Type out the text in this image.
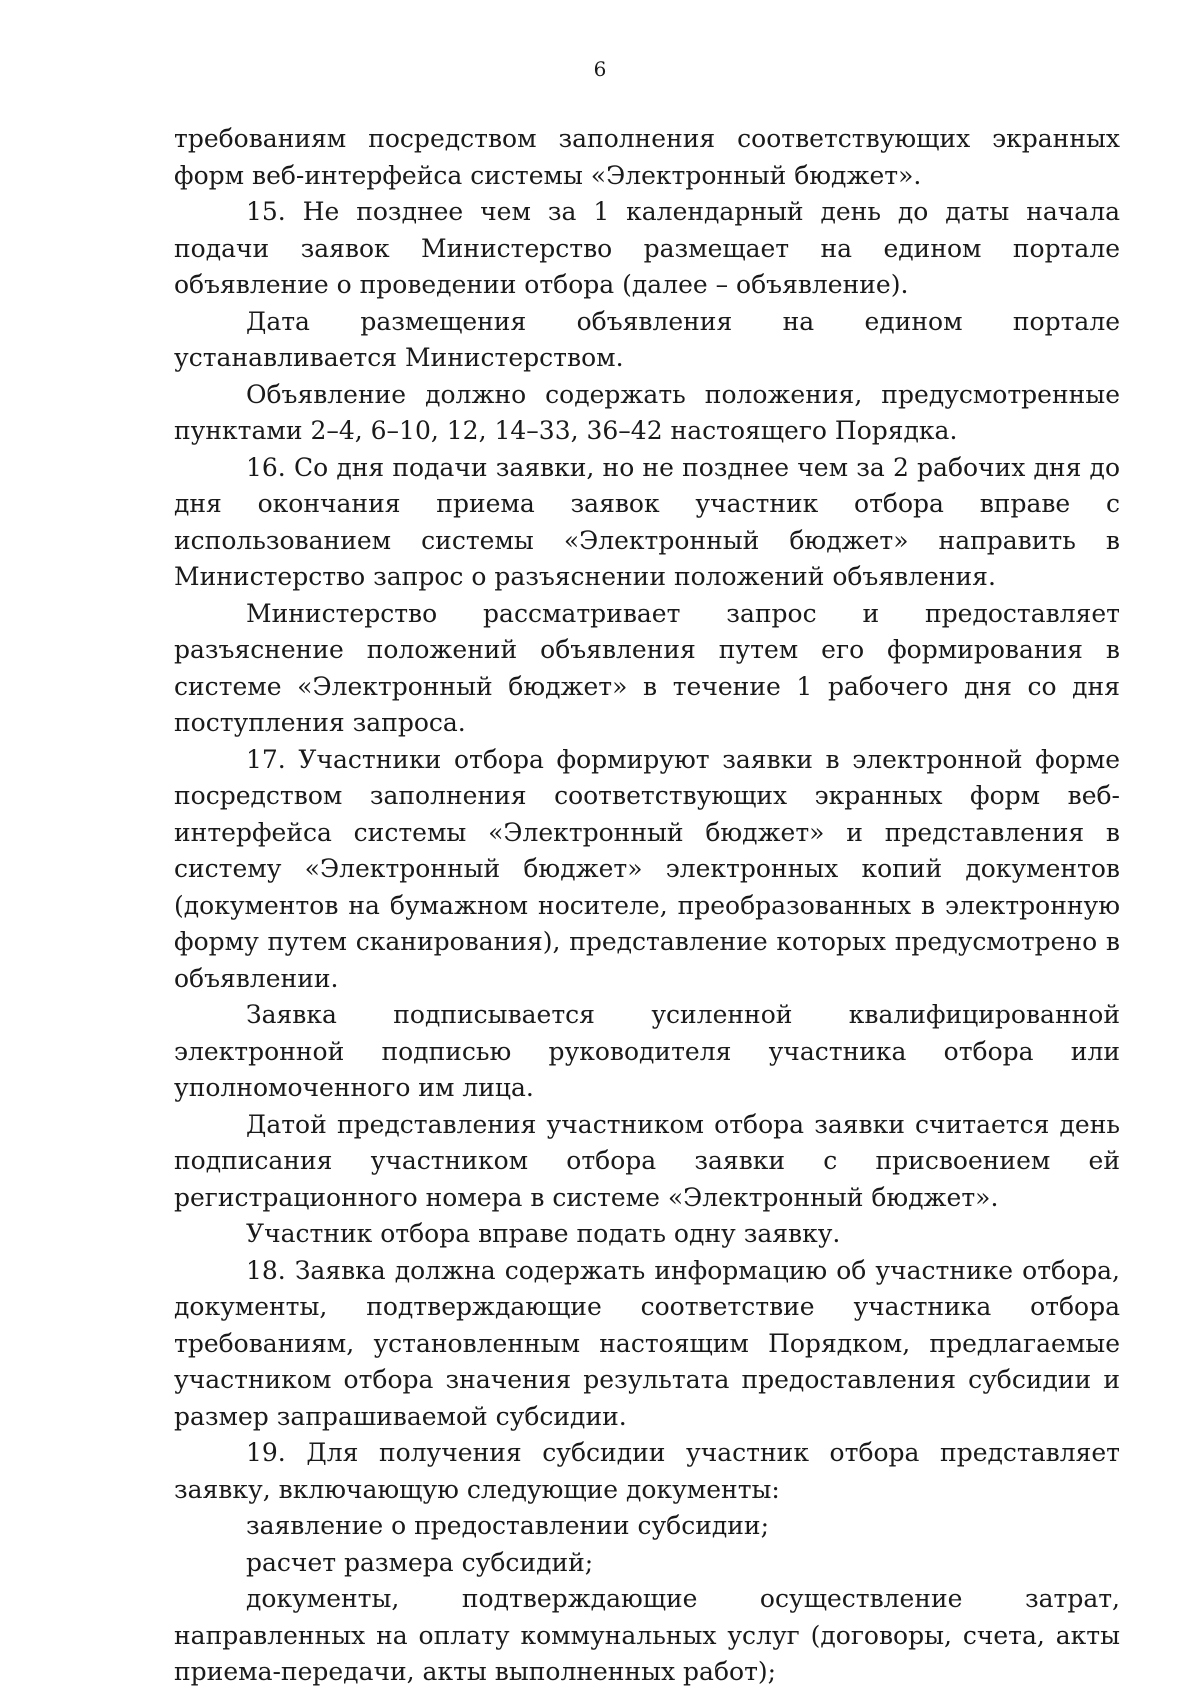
6

требованиям посредством заполнения соответствующих экранных форм веб-интерфейса системы «Электронный бюджет».

15. Не позднее чем за 1 календарный день до даты начала подачи заявок Министерство размещает на едином портале объявление о проведении отбора (далее – объявление).

Дата размещения объявления на едином портале устанавливается Министерством.

Объявление должно содержать положения, предусмотренные пунктами 2–4, 6–10, 12, 14–33, 36–42 настоящего Порядка.

16. Со дня подачи заявки, но не позднее чем за 2 рабочих дня до дня окончания приема заявок участник отбора вправе с использованием системы «Электронный бюджет» направить в Министерство запрос о разъяснении положений объявления.

Министерство рассматривает запрос и предоставляет разъяснение положений объявления путем его формирования в системе «Электронный бюджет» в течение 1 рабочего дня со дня поступления запроса.

17. Участники отбора формируют заявки в электронной форме посредством заполнения соответствующих экранных форм веб-интерфейса системы «Электронный бюджет» и представления в систему «Электронный бюджет» электронных копий документов (документов на бумажном носителе, преобразованных в электронную форму путем сканирования), представление которых предусмотрено в объявлении.

Заявка подписывается усиленной квалифицированной электронной подписью руководителя участника отбора или уполномоченного им лица.

Датой представления участником отбора заявки считается день подписания участником отбора заявки с присвоением ей регистрационного номера в системе «Электронный бюджет».

Участник отбора вправе подать одну заявку.

18. Заявка должна содержать информацию об участнике отбора, документы, подтверждающие соответствие участника отбора требованиям, установленным настоящим Порядком, предлагаемые участником отбора значения результата предоставления субсидии и размер запрашиваемой субсидии.

19. Для получения субсидии участник отбора представляет заявку, включающую следующие документы:

заявление о предоставлении субсидии;

расчет размера субсидий;

документы, подтверждающие осуществление затрат, направленных на оплату коммунальных услуг (договоры, счета, акты приема-передачи, акты выполненных работ);
